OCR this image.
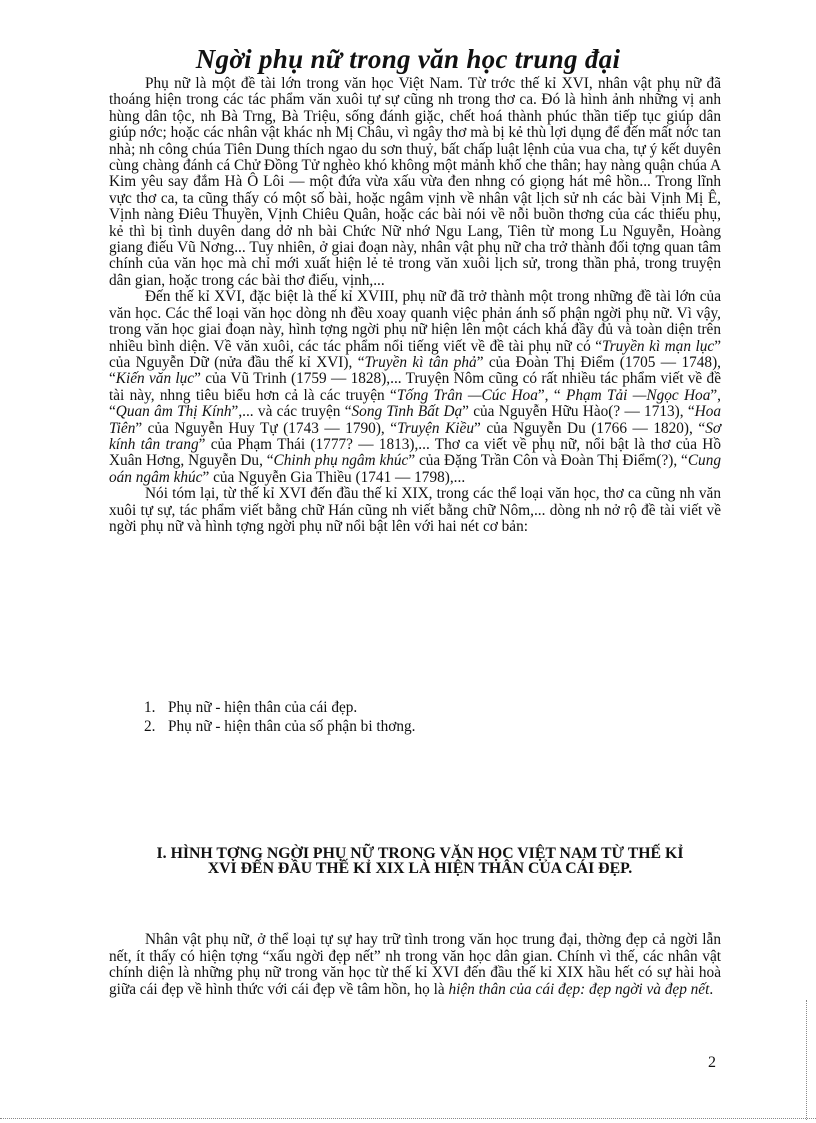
Ngời phụ nữ trong văn học trung đại

Phụ nữ là một đề tài lớn trong văn học Việt Nam. Từ trớc thế kỉ XVI, nhân vật phụ nữ đã thoáng hiện trong các tác phẩm văn xuôi tự sự cũng nh trong thơ ca. Đó là hình ảnh những vị anh hùng dân tộc, nh Bà Trng, Bà Triệu, sống đánh giặc, chết hoá thành phúc thần tiếp tục giúp dân giúp nớc; hoặc các nhân vật khác nh Mị Châu, vì ngây thơ mà bị kẻ thù lợi dụng để đến mất nớc tan nhà; nh công chúa Tiên Dung thích ngao du sơn thuỷ, bất chấp luật lệnh của vua cha, tự ý kết duyên cùng chàng đánh cá Chử Đồng Tử nghèo khó không một mảnh khố che thân; hay nàng quận chúa A Kim yêu say đắm Hà Ô Lôi — một đứa vừa xấu vừa đen nhng có giọng hát mê hồn... Trong lĩnh vực thơ ca, ta cũng thấy có một số bài, hoặc ngâm vịnh về nhân vật lịch sử nh các bài Vịnh Mị Ê, Vịnh nàng Điêu Thuyền, Vịnh Chiêu Quân, hoặc các bài nói về nỗi buồn thơng của các thiếu phụ, kẻ thì bị tình duyên dang dở nh bài Chức Nữ nhớ Ngu Lang, Tiên từ mong Lu Nguyễn, Hoàng giang điếu Vũ Nơng... Tuy nhiên, ở giai đoạn này, nhân vật phụ nữ cha trở thành đối tợng quan tâm chính của văn học mà chỉ mới xuất hiện lẻ tẻ trong văn xuôi lịch sử, trong thần phả, trong truyện dân gian, hoặc trong các bài thơ điếu, vịnh,...

Đến thế kỉ XVI, đặc biệt là thế kỉ XVIII, phụ nữ đã trở thành một trong những đề tài lớn của văn học. Các thể loại văn học dòng nh đều xoay quanh việc phản ánh số phận ngời phụ nữ. Vì vậy, trong văn học giai đoạn này, hình tợng ngời phụ nữ hiện lên một cách khá đầy đủ và toàn diện trên nhiều bình diện. Về văn xuôi, các tác phẩm nổi tiếng viết về đề tài phụ nữ có “Truyền kì mạn lục” của Nguyễn Dữ (nửa đầu thế kỉ XVI), “Truyền kì tân phả” của Đoàn Thị Điểm (1705 — 1748), “Kiến văn lục” của Vũ Trinh (1759 — 1828),... Truyện Nôm cũng có rất nhiều tác phẩm viết về đề tài này, nhng tiêu biểu hơn cả là các truyện “Tống Trân —Cúc Hoa”, “ Phạm Tải —Ngọc Hoa”, “Quan âm Thị Kính”,... và các truyện “Song Tinh Bất Dạ” của Nguyễn Hữu Hào(? — 1713), “Hoa Tiên” của Nguyễn Huy Tự (1743 — 1790), “Truyện Kiều” của Nguyễn Du (1766 — 1820), “Sơ kính tân trang” của Phạm Thái (1777? — 1813),... Thơ ca viết về phụ nữ, nổi bật là thơ của Hồ Xuân Hơng, Nguyễn Du, “Chinh phụ ngâm khúc” của Đặng Trần Côn và Đoàn Thị Điểm(?), “Cung oán ngâm khúc” của Nguyễn Gia Thiều (1741 — 1798),...

Nói tóm lại, từ thế kỉ XVI đến đầu thế kỉ XIX, trong các thể loại văn học, thơ ca cũng nh văn xuôi tự sự, tác phẩm viết bằng chữ Hán cũng nh viết bằng chữ Nôm,... dòng nh nở rộ đề tài viết về ngời phụ nữ và hình tợng ngời phụ nữ nổi bật lên với hai nét cơ bản:

1. Phụ nữ - hiện thân của cái đẹp.
2. Phụ nữ - hiện thân của số phận bi thơng.
I. HÌNH TỢNG NGỜI PHỤ NỮ TRONG VĂN HỌC VIỆT NAM TỪ THẾ KỈ XVI ĐẾN ĐẦU THẾ KỈ XIX LÀ HIỆN THÂN CỦA CÁI ĐẸP.

Nhân vật phụ nữ, ở thể loại tự sự hay trữ tình trong văn học trung đại, thờng đẹp cả ngời lẫn nết, ít thấy có hiện tợng “xấu ngời đẹp nết” nh trong văn học dân gian. Chính vì thế, các nhân vật chính diện là những phụ nữ trong văn học từ thế kỉ XVI đến đầu thế kỉ XIX hầu hết có sự hài hoà giữa cái đẹp về hình thức với cái đẹp về tâm hồn, họ là hiện thân của cái đẹp: đẹp ngời và đẹp nết.

2
